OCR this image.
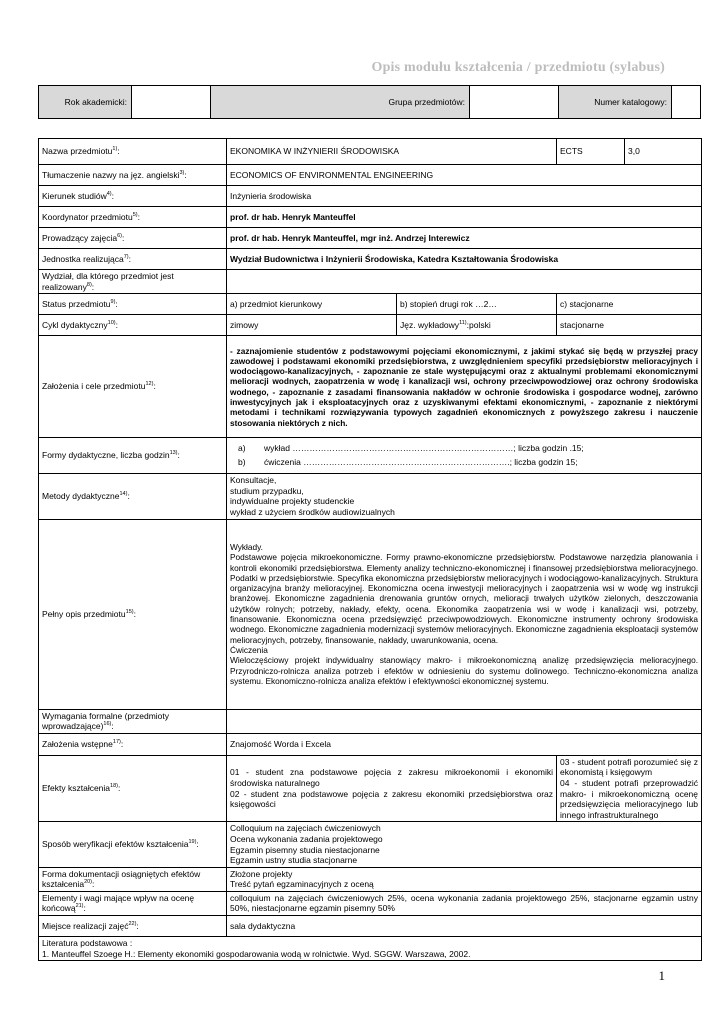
Opis modułu kształcenia / przedmiotu (sylabus)
Rok akademicki:		Grupa przedmiotów:		Numer katalogowy:	
Nazwa przedmiotu$^{1)}$:	EKONOMIKA W INŻYNIERII ŚRODOWISKA		ECTS	3,0
Tłumaczenie nazwy na jęz. angielski$^{3)}$:	ECONOMICS OF ENVIRONMENTAL ENGINEERING			
Kierunek studiów$^{4)}$:	Inżynieria środowiska			
Koordynator przedmiotu$^{5)}$:	prof. dr hab. Henryk Manteuffel			
Prowadzący zajęcia$^{6)}$:	prof. dr hab. Henryk Manteuffel, mgr inż. Andrzej Interewicz			
Jednostka realizująca$^{7)}$:	Wydział Budownictwa i Inżynierii Środowiska, Katedra Kształtowania Środowiska			
Wydział, dla którego przedmiot jest realizowany$^{8)}$:				
Status przedmiotu$^{9)}$:	a) przedmiot kierunkowy	b) stopień drugi rok …2…	c) stacjonarne	
Cykl dydaktyczny$^{10)}$:	zimowy	Jęz. wykładowy$^{11)}$:polski	stacjonarne	
Założenia i cele przedmiotu$^{12)}$:	- zaznajomienie studentów z podstawowymi pojęciami ekonomicznymi, z jakimi stykać się będą w przyszłej pracy zawodowej i podstawami ekonomiki przedsiębiorstwa, z uwzględnieniem specyfiki przedsiębiorstw melioracyjnych i wodociągowo-kanalizacyjnych, - zapoznanie ze stale występującymi oraz z aktualnymi problemami ekonomicznymi melioracji wodnych, zaopatrzenia w wodę i kanalizacji wsi, ochrony przeciwpowodziowej oraz ochrony środowiska wodnego, - zapoznanie z zasadami finansowania nakładów w ochronie środowiska i gospodarce wodnej, zarówno inwestycyjnych jak i eksploatacyjnych oraz z uzyskiwanymi efektami ekonomicznymi, - zapoznanie z niektórymi metodami i technikami rozwiązywania typowych zagadnień ekonomicznych z powyższego zakresu i nauczenie stosowania niektórych z nich.			
Formy dydaktyczne, liczba godzin$^{13)}$:	a) wykład ……………………………………………………………………; liczba godzin .15;
b) ćwiczenia ……………………………………………………………….; liczba godzin 15;			

Metody dydaktyczne$^{14)}$:	Konsultacje,
studium przypadku,
indywidualne projekty studenckie
wykład z użyciem środków audiowizualnych			

Pełny opis przedmiotu$^{15)}$:	Wykłady.
Podstawowe pojęcia mikroekonomiczne. Formy prawno-ekonomiczne przedsiębiorstw. Podstawowe narzędzia planowania i kontroli ekonomiki przedsiębiorstwa. Elementy analizy techniczno-ekonomicznej i finansowej przedsiębiorstwa melioracyjnego. Podatki w przedsiębiorstwie. Specyfika ekonomiczna przedsiębiorstw melioracyjnych i wodociągowo-kanalizacyjnych. Struktura organizacyjna branży melioracyjnej. Ekonomiczna ocena inwestycji melioracyjnych i zaopatrzenia wsi w wodę wg instrukcji branżowej. Ekonomiczne zagadnienia drenowania gruntów ornych, melioracji trwałych użytków zielonych, deszczowania użytków rolnych; potrzeby, nakłady, efekty, ocena. Ekonomika zaopatrzenia wsi w wodę i kanalizacji wsi, potrzeby, finansowanie. Ekonomiczna ocena przedsięwzięć przeciwpowodziowych. Ekonomiczne instrumenty ochrony środowiska wodnego. Ekonomiczne zagadnienia modernizacji systemów melioracyjnych. Ekonomiczne zagadnienia eksploatacji systemów melioracyjnych, potrzeby, finansowanie, nakłady, uwarunkowania, ocena.
Ćwiczenia
Wieloczęściowy projekt indywidualny stanowiący makro- i mikroekonomiczną analizę przedsięwzięcia melioracyjnego. Przyrodniczo-rolnicza analiza potrzeb i efektów w odniesieniu do systemu dolinowego. Techniczno-ekonomiczna analiza systemu. Ekonomiczno-rolnicza analiza efektów i efektywności ekonomicznej systemu.			

Wymagania formalne (przedmioty wprowadzające)$^{16)}$:				
Założenia wstępne$^{17)}$:	Znajomość Worda i Excela			
Efekty kształcenia$^{18)}$:	01 - student zna podstawowe pojęcia z zakresu mikroekonomii i ekonomiki środowiska naturalnego
02 - student zna podstawowe pojęcia z zakresu ekonomiki przedsiębiorstwa oraz księgowości		03 - student potrafi porozumieć się z ekonomistą i księgowym
04 - student potrafi przeprowadzić makro- i mikroekonomiczną ocenę przedsięwzięcia melioracyjnego lub innego infrastrukturalnego	
Sposób weryfikacji efektów kształcenia$^{19)}$:	Colloquium na zajęciach ćwiczeniowych
Ocena wykonania zadania projektowego
Egzamin pisemny studia niestacjonarne
Egzamin ustny studia stacjonarne			

Forma dokumentacji osiągniętych efektów kształcenia$^{20)}$:	Złożone projekty
Treść pytań egzaminacyjnych z oceną			

Elementy i wagi mające wpływ na ocenę końcową$^{21)}$:	colloquium na zajęciach ćwiczeniowych 25%, ocena wykonania zadania projektowego 25%, stacjonarne egzamin ustny 50%, niestacjonarne egzamin pisemny 50%			
Miejsce realizacji zajęć$^{22)}$:	sala dydaktyczna			

Literatura podstawowa :
1. Manteuffel Szoege H.: Elementy ekonomiki gospodarowania wodą w rolnictwie. Wyd. SGGW. Warszawa, 2002.				
1
